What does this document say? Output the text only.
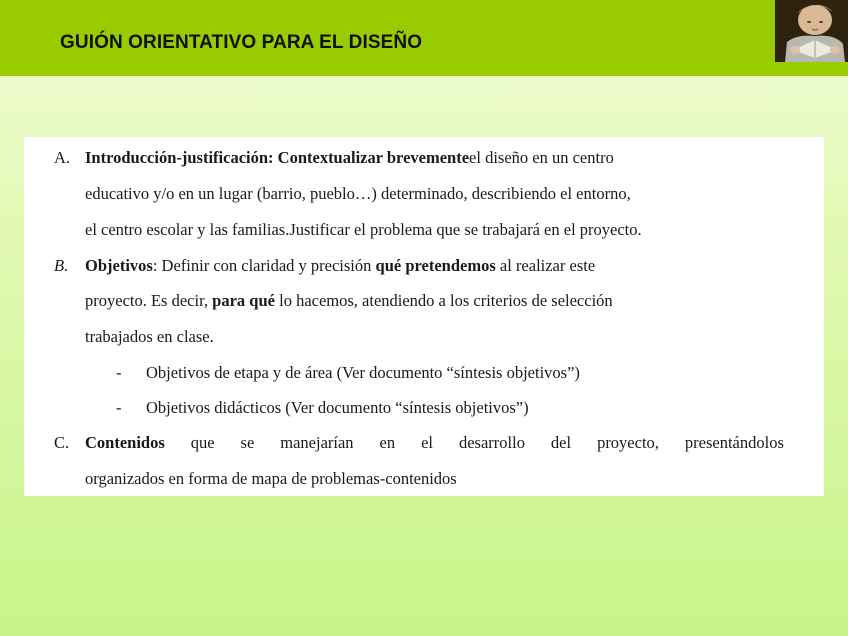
GUIÓN ORIENTATIVO PARA EL DISEÑO
A. Introducción-justificación: Contextualizar brevementeel diseño en un centro
educativo y/o en un lugar (barrio, pueblo…) determinado, describiendo el entorno,
el centro escolar y las familias.Justificar el problema que se trabajará en el proyecto.
B. Objetivos: Definir con claridad y precisión qué pretendemos al realizar este
proyecto. Es decir, para qué lo hacemos, atendiendo a los criterios de selección
trabajados en clase.
- Objetivos de etapa y de área (Ver documento “síntesis objetivos”)
- Objetivos didácticos (Ver documento “síntesis objetivos”)
C. Contenidos que se manejarían en el desarrollo del proyecto, presentándolos
organizados en forma de mapa de problemas-contenidos
